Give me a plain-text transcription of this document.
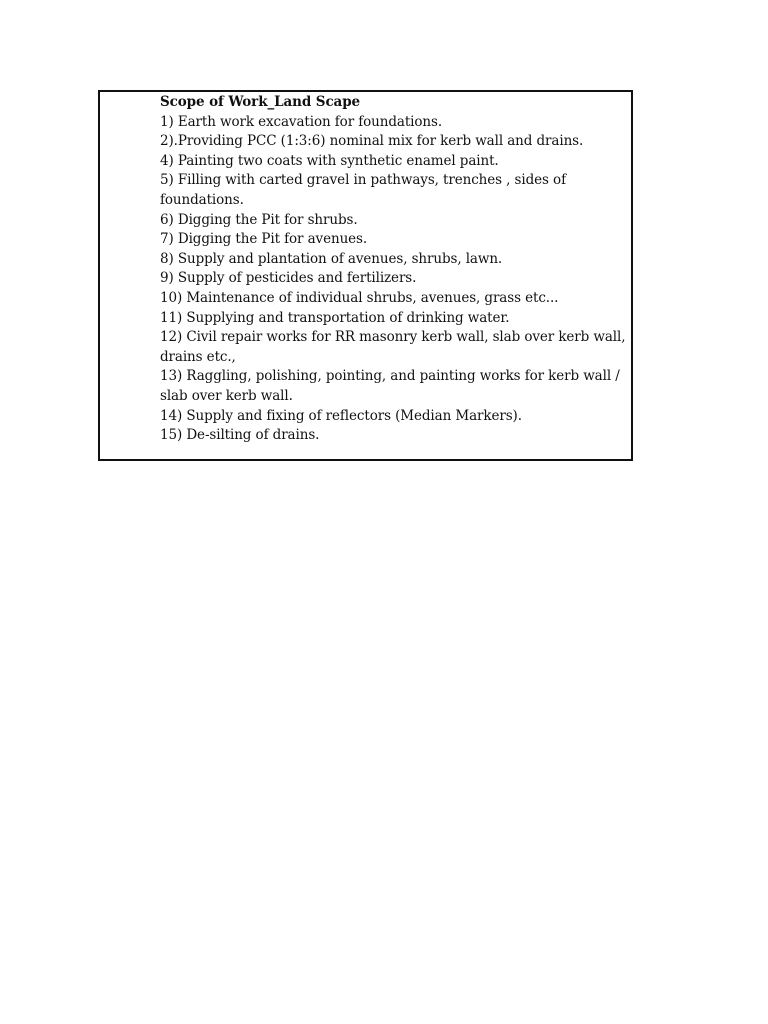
Scope of Work_Land Scape

1) Earth work excavation for foundations.
2).Providing PCC (1:3:6) nominal mix for kerb wall and drains.
4) Painting two coats with synthetic enamel paint.
5) Filling with carted gravel in pathways, trenches , sides of foundations.
6) Digging the Pit for shrubs.
7) Digging the Pit for avenues.
8) Supply and plantation of avenues, shrubs, lawn.
9) Supply of pesticides and fertilizers.
10) Maintenance of individual shrubs, avenues, grass etc...
11) Supplying and transportation of drinking water.
12) Civil repair works for RR masonry kerb wall, slab over kerb wall, drains etc.,
13) Raggling, polishing, pointing, and painting works for kerb wall / slab over kerb wall.
14) Supply and fixing of reflectors (Median Markers).
15) De-silting of drains.
